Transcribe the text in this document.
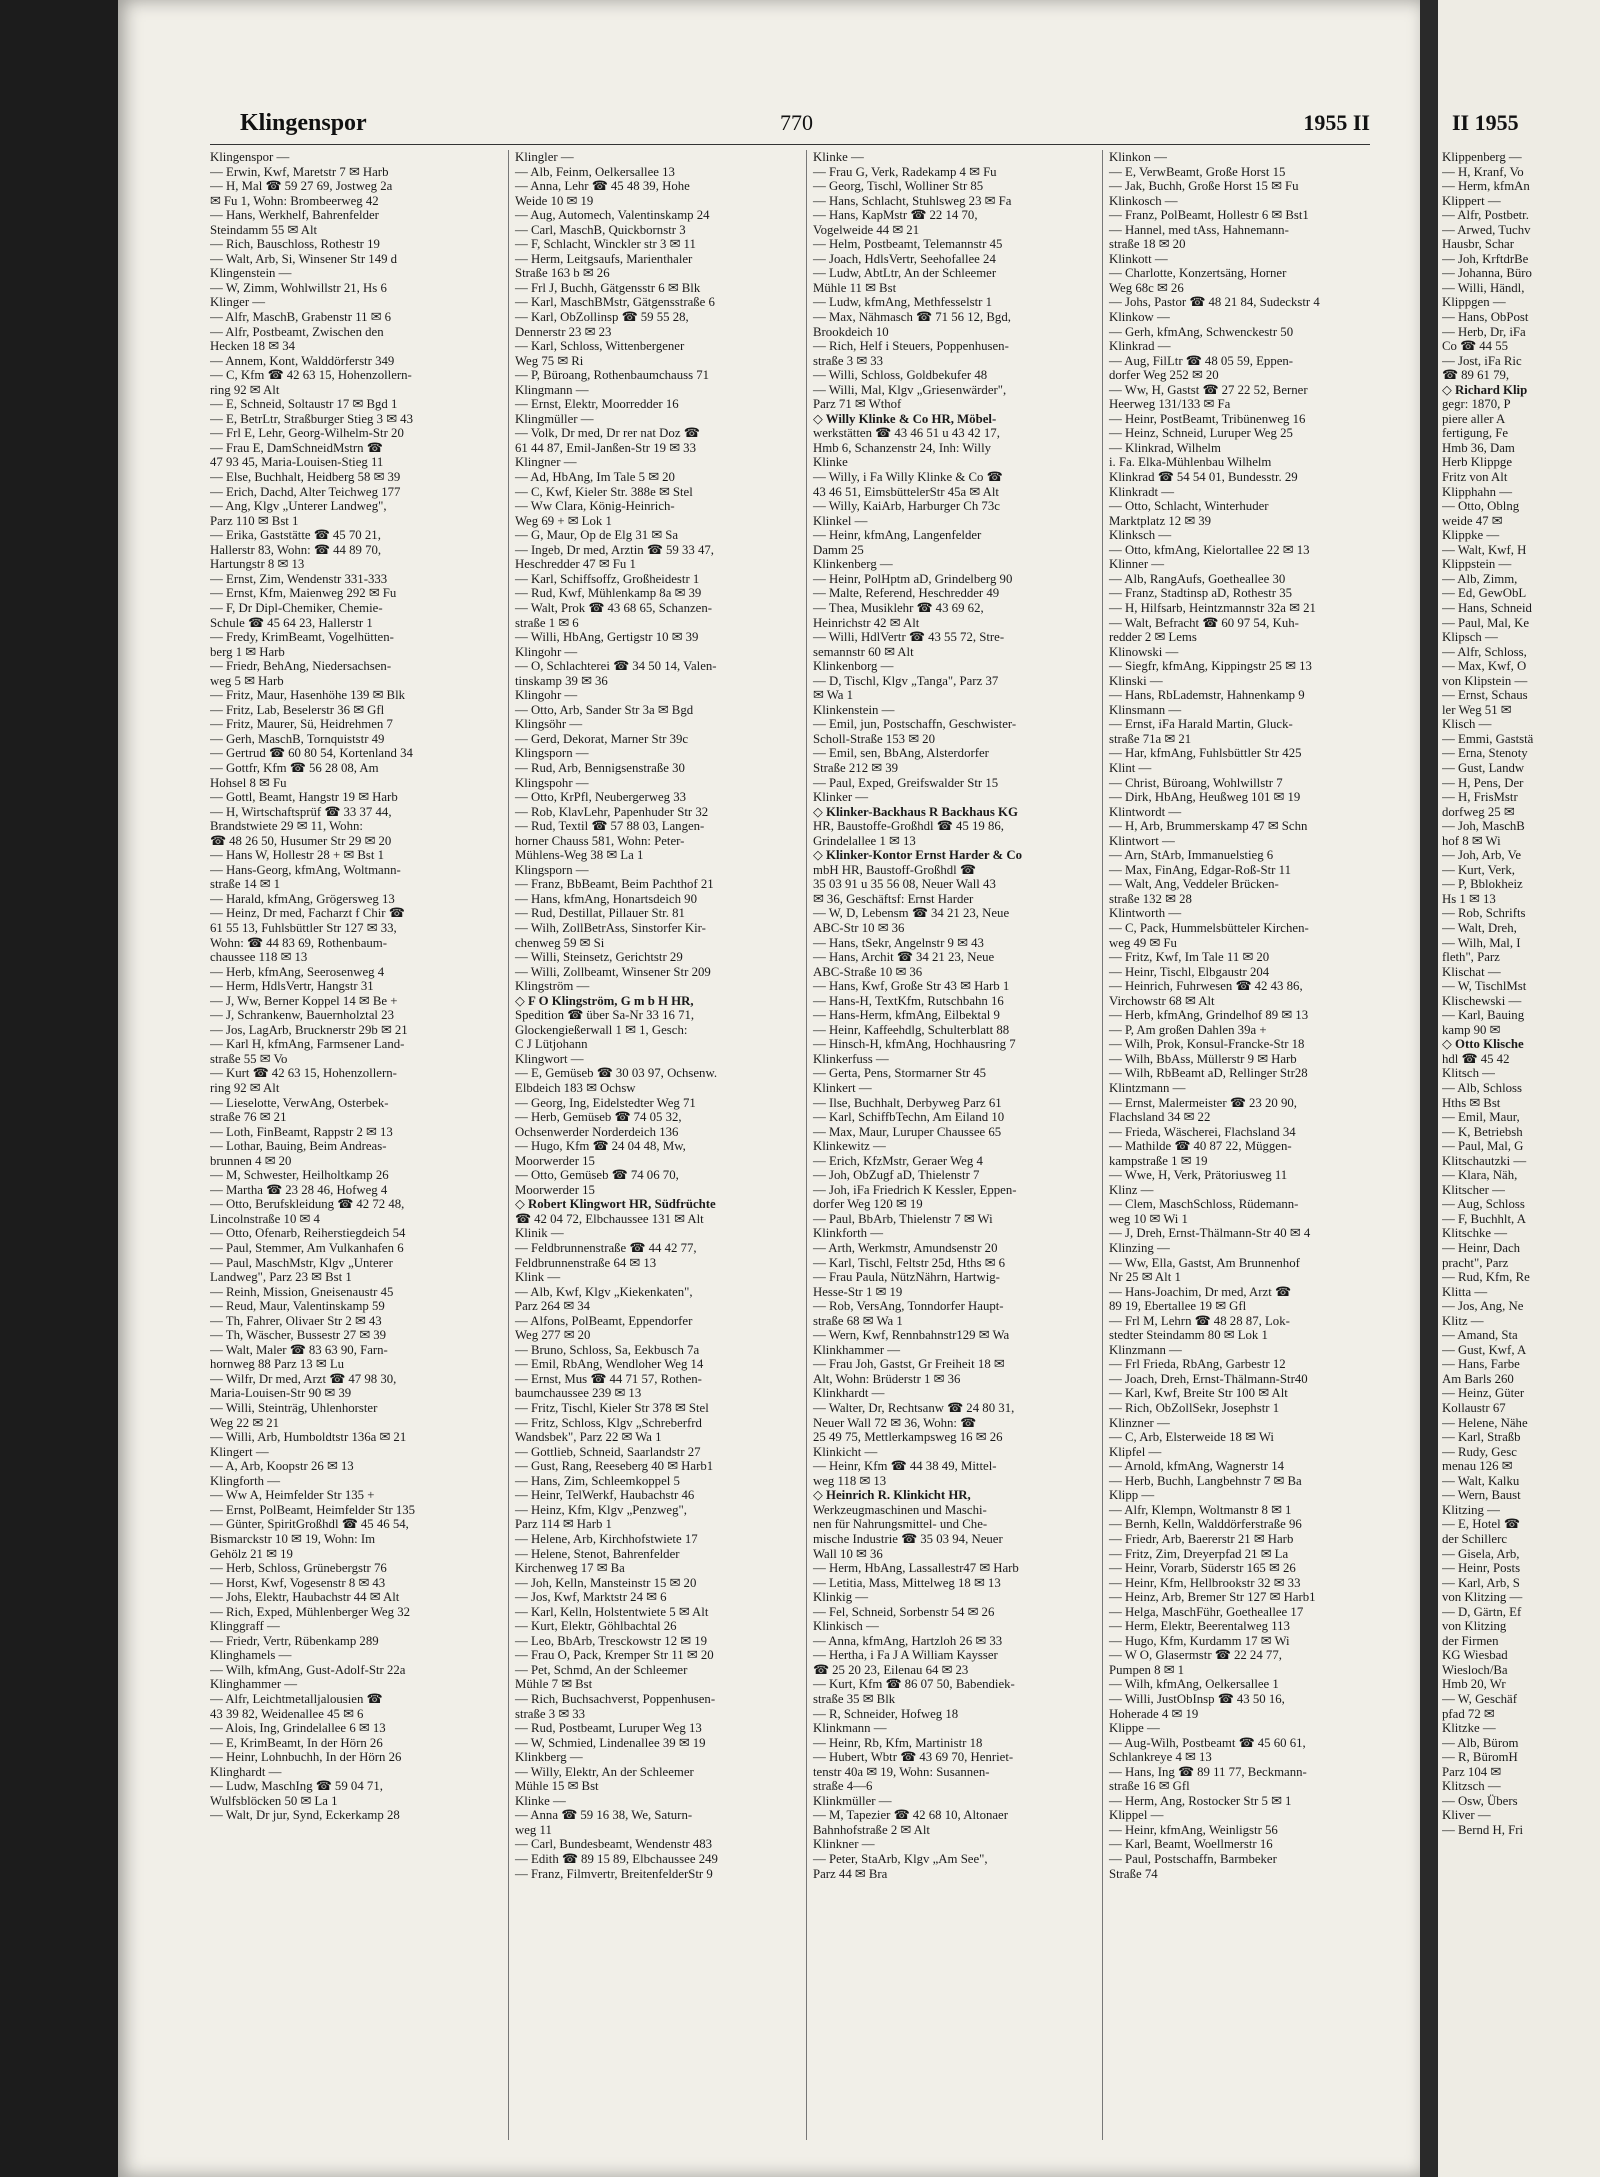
Klingenspor	770	1955 II	II 1955
Klingenspor —
— Erwin, Kwf, Maretstr 7 ✉ Harb
— H, Mal ☎ 59 27 69, Jostweg 2a
✉ Fu 1, Wohn: Brombeerweg 42
— Hans, Werkhelf, Bahrenfelder
Steindamm 55 ✉ Alt
— Rich, Bauschloss, Rothestr 19
— Walt, Arb, Si, Winsener Str 149 d
Klingenstein —
— W, Zimm, Wohlwillstr 21, Hs 6
Klinger —
— Alfr, MaschB, Grabenstr 11 ✉ 6
— Alfr, Postbeamt, Zwischen den
Hecken 18 ✉ 34
— Annem, Kont, Walddörferstr 349
— C, Kfm ☎ 42 63 15, Hohenzollern-
ring 92 ✉ Alt
— E, Schneid, Soltaustr 17 ✉ Bgd 1
— E, BetrLtr, Straßburger Stieg 3 ✉ 43
— Frl E, Lehr, Georg-Wilhelm-Str 20
— Frau E, DamSchneidMstrn ☎
47 93 45, Maria-Louisen-Stieg 11
— Else, Buchhalt, Heidberg 58 ✉ 39
— Erich, Dachd, Alter Teichweg 177
— Ang, Klgv „Unterer Landweg",
Parz 110 ✉ Bst 1
— Erika, Gaststätte ☎ 45 70 21,
Hallerstr 83, Wohn: ☎ 44 89 70,
Hartungstr 8 ✉ 13
— Ernst, Zim, Wendenstr 331-333
— Ernst, Kfm, Maienweg 292 ✉ Fu
— F, Dr Dipl-Chemiker, Chemie-
Schule ☎ 45 64 23, Hallerstr 1
— Fredy, KrimBeamt, Vogelhütten-
berg 1 ✉ Harb
— Friedr, BehAng, Niedersachsen-
weg 5 ✉ Harb
— Fritz, Maur, Hasenhöhe 139 ✉ Blk
— Fritz, Lab, Beselerstr 36 ✉ Gfl
— Fritz, Maurer, Sü, Heidrehmen 7
— Gerh, MaschB, Tornquiststr 49
— Gertrud ☎ 60 80 54, Kortenland 34
— Gottfr, Kfm ☎ 56 28 08, Am
Hohsel 8 ✉ Fu
— Gottl, Beamt, Hangstr 19 ✉ Harb
— H, Wirtschaftsprüf ☎ 33 37 44,
Brandstwiete 29 ✉ 11, Wohn:
☎ 48 26 50, Husumer Str 29 ✉ 20
— Hans W, Hollestr 28 + ✉ Bst 1
— Hans-Georg, kfmAng, Woltmann-
straße 14 ✉ 1
— Harald, kfmAng, Grögersweg 13
— Heinz, Dr med, Facharzt f Chir ☎
61 55 13, Fuhlsbüttler Str 127 ✉ 33,
Wohn: ☎ 44 83 69, Rothenbaum-
chaussee 118 ✉ 13
— Herb, kfmAng, Seerosenweg 4
— Herm, HdlsVertr, Hangstr 31
— J, Ww, Berner Koppel 14 ✉ Be +
— J, Schrankenw, Bauernholztal 23
— Jos, LagArb, Brucknerstr 29b ✉ 21
— Karl H, kfmAng, Farmsener Land-
straße 55 ✉ Vo
— Kurt ☎ 42 63 15, Hohenzollern-
ring 92 ✉ Alt
— Lieselotte, VerwAng, Osterbek-
straße 76 ✉ 21
— Loth, FinBeamt, Rappstr 2 ✉ 13
— Lothar, Bauing, Beim Andreas-
brunnen 4 ✉ 20
— M, Schwester, Heilholtkamp 26
— Martha ☎ 23 28 46, Hofweg 4
— Otto, Berufskleidung ☎ 42 72 48,
Lincolnstraße 10 ✉ 4
— Otto, Ofenarb, Reiherstiegdeich 54
— Paul, Stemmer, Am Vulkanhafen 6
— Paul, MaschMstr, Klgv „Unterer
Landweg", Parz 23 ✉ Bst 1
— Reinh, Mission, Gneisenaustr 45
— Reud, Maur, Valentinskamp 59
— Th, Fahrer, Olivaer Str 2 ✉ 43
— Th, Wäscher, Bussestr 27 ✉ 39
— Walt, Maler ☎ 83 63 90, Farn-
hornweg 88 Parz 13 ✉ Lu
— Wilfr, Dr med, Arzt ☎ 47 98 30,
Maria-Louisen-Str 90 ✉ 39
— Willi, Steinträg, Uhlenhorster
Weg 22 ✉ 21
— Willi, Arb, Humboldtstr 136a ✉ 21
Klingert —
— A, Arb, Koopstr 26 ✉ 13
Klingforth —
— Ww A, Heimfelder Str 135 +
— Ernst, PolBeamt, Heimfelder Str 135
— Günter, SpiritGroßhdl ☎ 45 46 54,
Bismarckstr 10 ✉ 19, Wohn: Im
Gehölz 21 ✉ 19
— Herb, Schloss, Grünebergstr 76
— Horst, Kwf, Vogesenstr 8 ✉ 43
— Johs, Elektr, Haubachstr 44 ✉ Alt
— Rich, Exped, Mühlenberger Weg 32
Klinggraff —
— Friedr, Vertr, Rübenkamp 289
Klinghamels —
— Wilh, kfmAng, Gust-Adolf-Str 22a
Klinghammer —
— Alfr, Leichtmetalljalousien ☎
43 39 82, Weidenallee 45 ✉ 6
— Alois, Ing, Grindelallee 6 ✉ 13
— E, KrimBeamt, In der Hörn 26
— Heinr, Lohnbuchh, In der Hörn 26
Klinghardt —
— Ludw, MaschIng ☎ 59 04 71,
Wulfsblöcken 50 ✉ La 1
— Walt, Dr jur, Synd, Eckerkamp 28
Klingler —
— Alb, Feinm, Oelkersallee 13
— Anna, Lehr ☎ 45 48 39, Hohe
Weide 10 ✉ 19
— Aug, Automech, Valentinskamp 24
— Carl, MaschB, Quickbornstr 3
— F, Schlacht, Winckler str 3 ✉ 11
— Herm, Leitgsaufs, Marienthaler
Straße 163 b ✉ 26
— Frl J, Buchh, Gätgensstr 6 ✉ Blk
— Karl, MaschBMstr, Gätgensstraße 6
— Karl, ObZollinsp ☎ 59 55 28,
Dennerstr 23 ✉ 23
— Karl, Schloss, Wittenbergener
Weg 75 ✉ Ri
— P, Büroang, Rothenbaumchauss 71
Klingmann —
— Ernst, Elektr, Moorredder 16
Klingmüller —
— Volk, Dr med, Dr rer nat Doz ☎
61 44 87, Emil-Janßen-Str 19 ✉ 33
Klingner —
— Ad, HbAng, Im Tale 5 ✉ 20
— C, Kwf, Kieler Str. 388e ✉ Stel
— Ww Clara, König-Heinrich-
Weg 69 + ✉ Lok 1
— G, Maur, Op de Elg 31 ✉ Sa
— Ingeb, Dr med, Arztin ☎ 59 33 47,
Heschredder 47 ✉ Fu 1
— Karl, Schiffsoffz, Großheidestr 1
— Rud, Kwf, Mühlenkamp 8a ✉ 39
— Walt, Prok ☎ 43 68 65, Schanzen-
straße 1 ✉ 6
— Willi, HbAng, Gertigstr 10 ✉ 39
Klingohr —
— O, Schlachterei ☎ 34 50 14, Valen-
tinskamp 39 ✉ 36
Klingohr —
— Otto, Arb, Sander Str 3a ✉ Bgd
Klingsöhr —
— Gerd, Dekorat, Marner Str 39c
Klingsporn —
— Rud, Arb, Bennigsenstraße 30
Klingspohr —
— Otto, KrPfl, Neubergerweg 33
— Rob, KlavLehr, Papenhuder Str 32
— Rud, Textil ☎ 57 88 03, Langen-
horner Chauss 581, Wohn: Peter-
Mühlens-Weg 38 ✉ La 1
Klingsporn —
— Franz, BbBeamt, Beim Pachthof 21
— Hans, kfmAng, Honartsdeich 90
— Rud, Destillat, Pillauer Str. 81
— Wilh, ZollBetrAss, Sinstorfer Kir-
chenweg 59 ✉ Si
— Willi, Steinsetz, Gerichtstr 29
— Willi, Zollbeamt, Winsener Str 209
Klingström —
◇ F O Klingström, G m b H HR,
Spedition ☎ über Sa-Nr 33 16 71,
Glockengießerwall 1 ✉ 1, Gesch:
C J Lütjohann
Klingwort —
— E, Gemüseb ☎ 30 03 97, Ochsenw.
Elbdeich 183 ✉ Ochsw
— Georg, Ing, Eidelstedter Weg 71
— Herb, Gemüseb ☎ 74 05 32,
Ochsenwerder Norderdeich 136
— Hugo, Kfm ☎ 24 04 48, Mw,
Moorwerder 15
— Otto, Gemüseb ☎ 74 06 70,
Moorwerder 15
◇ Robert Klingwort HR, Südfrüchte
☎ 42 04 72, Elbchaussee 131 ✉ Alt
Klinik —
— Feldbrunnenstraße ☎ 44 42 77,
Feldbrunnenstraße 64 ✉ 13
Klink —
— Alb, Kwf, Klgv „Kiekenkaten",
Parz 264 ✉ 34
— Alfons, PolBeamt, Eppendorfer
Weg 277 ✉ 20
— Bruno, Schloss, Sa, Eekbusch 7a
— Emil, RbAng, Wendloher Weg 14
— Ernst, Mus ☎ 44 71 57, Rothen-
baumchaussee 239 ✉ 13
— Fritz, Tischl, Kieler Str 378 ✉ Stel
— Fritz, Schloss, Klgv „Schreberfrd
Wandsbek", Parz 22 ✉ Wa 1
— Gottlieb, Schneid, Saarlandstr 27
— Gust, Rang, Reeseberg 40 ✉ Harb1
— Hans, Zim, Schleemkoppel 5
— Heinr, TelWerkf, Haubachstr 46
— Heinz, Kfm, Klgv „Penzweg",
Parz 114 ✉ Harb 1
— Helene, Arb, Kirchhofstwiete 17
— Helene, Stenot, Bahrenfelder
Kirchenweg 17 ✉ Ba
— Joh, Kelln, Mansteinstr 15 ✉ 20
— Jos, Kwf, Marktstr 24 ✉ 6
— Karl, Kelln, Holstentwiete 5 ✉ Alt
— Kurt, Elektr, Göhlbachtal 26
— Leo, BbArb, Tresckowstr 12 ✉ 19
— Frau O, Pack, Kremper Str 11 ✉ 20
— Pet, Schmd, An der Schleemer
Mühle 7 ✉ Bst
— Rich, Buchsachverst, Poppenhusen-
straße 3 ✉ 33
— Rud, Postbeamt, Luruper Weg 13
— W, Schmied, Lindenallee 39 ✉ 19
Klinkberg —
— Willy, Elektr, An der Schleemer
Mühle 15 ✉ Bst
Klinke —
— Anna ☎ 59 16 38, We, Saturn-
weg 11
— Carl, Bundesbeamt, Wendenstr 483
— Edith ☎ 89 15 89, Elbchaussee 249
— Franz, Filmvertr, BreitenfelderStr 9
Klinke —
— Frau G, Verk, Radekamp 4 ✉ Fu
— Georg, Tischl, Wolliner Str 85
— Hans, Schlacht, Stuhlsweg 23 ✉ Fa
— Hans, KapMstr ☎ 22 14 70,
Vogelweide 44 ✉ 21
— Helm, Postbeamt, Telemannstr 45
— Joach, HdlsVertr, Seehofallee 24
— Ludw, AbtLtr, An der Schleemer
Mühle 11 ✉ Bst
— Ludw, kfmAng, Methfesselstr 1
— Max, Nähmasch ☎ 71 56 12, Bgd,
Brookdeich 10
— Rich, Helf i Steuers, Poppenhusen-
straße 3 ✉ 33
— Willi, Schloss, Goldbekufer 48
— Willi, Mal, Klgv „Griesenwärder",
Parz 71 ✉ Wthof
◇ Willy Klinke & Co HR, Möbel-
werkstätten ☎ 43 46 51 u 43 42 17,
Hmb 6, Schanzenstr 24, Inh: Willy
Klinke
— Willy, i Fa Willy Klinke & Co ☎
43 46 51, EimsbüttelerStr 45a ✉ Alt
— Willy, KaiArb, Harburger Ch 73c
Klinkel —
— Heinr, kfmAng, Langenfelder
Damm 25
Klinkenberg —
— Heinr, PolHptm aD, Grindelberg 90
— Malte, Referend, Heschredder 49
— Thea, Musiklehr ☎ 43 69 62,
Heinrichstr 42 ✉ Alt
— Willi, HdlVertr ☎ 43 55 72, Stre-
semannstr 60 ✉ Alt
Klinkenborg —
— D, Tischl, Klgv „Tanga", Parz 37
✉ Wa 1
Klinkenstein —
— Emil, jun, Postschaffn, Geschwister-
Scholl-Straße 153 ✉ 20
— Emil, sen, BbAng, Alsterdorfer
Straße 212 ✉ 39
— Paul, Exped, Greifswalder Str 15
Klinker —
◇ Klinker-Backhaus R Backhaus KG
HR, Baustoffe-Großhdl ☎ 45 19 86,
Grindelallee 1 ✉ 13
◇ Klinker-Kontor Ernst Harder & Co
mbH HR, Baustoff-Großhdl ☎
35 03 91 u 35 56 08, Neuer Wall 43
✉ 36, Geschäftsf: Ernst Harder
— W, D, Lebensm ☎ 34 21 23, Neue
ABC-Str 10 ✉ 36
— Hans, tSekr, Angelnstr 9 ✉ 43
— Hans, Archit ☎ 34 21 23, Neue
ABC-Straße 10 ✉ 36
— Hans, Kwf, Große Str 43 ✉ Harb 1
— Hans-H, TextKfm, Rutschbahn 16
— Hans-Herm, kfmAng, Eilbektal 9
— Heinr, Kaffeehdlg, Schulterblatt 88
— Hinsch-H, kfmAng, Hochhausring 7
Klinkerfuss —
— Gerta, Pens, Stormarner Str 45
Klinkert —
— Ilse, Buchhalt, Derbyweg Parz 61
— Karl, SchiffbTechn, Am Eiland 10
— Max, Maur, Luruper Chaussee 65
Klinkewitz —
— Erich, KfzMstr, Geraer Weg 4
— Joh, ObZugf aD, Thielenstr 7
— Joh, iFa Friedrich K Kessler, Eppen-
dorfer Weg 120 ✉ 19
— Paul, BbArb, Thielenstr 7 ✉ Wi
Klinkforth —
— Arth, Werkmstr, Amundsenstr 20
— Karl, Tischl, Feltstr 25d, Hths ✉ 6
— Frau Paula, NützNährn, Hartwig-
Hesse-Str 1 ✉ 19
— Rob, VersAng, Tonndorfer Haupt-
straße 68 ✉ Wa 1
— Wern, Kwf, Rennbahnstr129 ✉ Wa
Klinkhammer —
— Frau Joh, Gastst, Gr Freiheit 18 ✉
Alt, Wohn: Brüderstr 1 ✉ 36
Klinkhardt —
— Walter, Dr, Rechtsanw ☎ 24 80 31,
Neuer Wall 72 ✉ 36, Wohn: ☎
25 49 75, Mettlerkampsweg 16 ✉ 26
Klinkicht —
— Heinr, Kfm ☎ 44 38 49, Mittel-
weg 118 ✉ 13
◇ Heinrich R. Klinkicht HR,
Werkzeugmaschinen und Maschi-
nen für Nahrungsmittel- und Che-
mische Industrie ☎ 35 03 94, Neuer
Wall 10 ✉ 36
— Herm, HbAng, Lassallestr47 ✉ Harb
— Letitia, Mass, Mittelweg 18 ✉ 13
Klinkig —
— Fel, Schneid, Sorbenstr 54 ✉ 26
Klinkisch —
— Anna, kfmAng, Hartzloh 26 ✉ 33
— Hertha, i Fa J A William Kaysser
☎ 25 20 23, Eilenau 64 ✉ 23
— Kurt, Kfm ☎ 86 07 50, Babendiek-
straße 35 ✉ Blk
— R, Schneider, Hofweg 18
Klinkmann —
— Heinr, Rb, Kfm, Martinistr 18
— Hubert, Wbtr ☎ 43 69 70, Henriet-
tenstr 40a ✉ 19, Wohn: Susannen-
straße 4—6
Klinkmüller —
— M, Tapezier ☎ 42 68 10, Altonaer
Bahnhofstraße 2 ✉ Alt
Klinkner —
— Peter, StaArb, Klgv „Am See",
Parz 44 ✉ Bra
Klinkon —
— E, VerwBeamt, Große Horst 15
— Jak, Buchh, Große Horst 15 ✉ Fu
Klinkosch —
— Franz, PolBeamt, Hollestr 6 ✉ Bst1
— Hannel, med tAss, Hahnemann-
straße 18 ✉ 20
Klinkott —
— Charlotte, Konzertsäng, Horner
Weg 68c ✉ 26
— Johs, Pastor ☎ 48 21 84, Sudeckstr 4
Klinkow —
— Gerh, kfmAng, Schwenckestr 50
Klinkrad —
— Aug, FilLtr ☎ 48 05 59, Eppen-
dorfer Weg 252 ✉ 20
— Ww, H, Gastst ☎ 27 22 52, Berner
Heerweg 131/133 ✉ Fa
— Heinr, PostBeamt, Tribünenweg 16
— Heinz, Schneid, Luruper Weg 25
— Klinkrad, Wilhelm
i. Fa. Elka-Mühlenbau Wilhelm
Klinkrad ☎ 54 54 01, Bundesstr. 29
Klinkradt —
— Otto, Schlacht, Winterhuder
Marktplatz 12 ✉ 39
Klinksch —
— Otto, kfmAng, Kielortallee 22 ✉ 13
Klinner —
— Alb, RangAufs, Goetheallee 30
— Franz, Stadtinsp aD, Rothestr 35
— H, Hilfsarb, Heintzmannstr 32a ✉ 21
— Walt, Befracht ☎ 60 97 54, Kuh-
redder 2 ✉ Lems
Klinowski —
— Siegfr, kfmAng, Kippingstr 25 ✉ 13
Klinski —
— Hans, RbLademstr, Hahnenkamp 9
Klinsmann —
— Ernst, iFa Harald Martin, Gluck-
straße 71a ✉ 21
— Har, kfmAng, Fuhlsbüttler Str 425
Klint —
— Christ, Büroang, Wohlwillstr 7
— Dirk, HbAng, Heußweg 101 ✉ 19
Klintwordt —
— H, Arb, Brummerskamp 47 ✉ Schn
Klintwort —
— Arn, StArb, Immanuelstieg 6
— Max, FinAng, Edgar-Roß-Str 11
— Walt, Ang, Veddeler Brücken-
straße 132 ✉ 28
Klintworth —
— C, Pack, Hummelsbütteler Kirchen-
weg 49 ✉ Fu
— Fritz, Kwf, Im Tale 11 ✉ 20
— Heinr, Tischl, Elbgaustr 204
— Heinrich, Fuhrwesen ☎ 42 43 86,
Virchowstr 68 ✉ Alt
— Herb, kfmAng, Grindelhof 89 ✉ 13
— P, Am großen Dahlen 39a +
— Wilh, Prok, Konsul-Francke-Str 18
— Wilh, BbAss, Müllerstr 9 ✉ Harb
— Wilh, RbBeamt aD, Rellinger Str28
Klintzmann —
— Ernst, Malermeister ☎ 23 20 90,
Flachsland 34 ✉ 22
— Frieda, Wäscherei, Flachsland 34
— Mathilde ☎ 40 87 22, Müggen-
kampstraße 1 ✉ 19
— Wwe, H, Verk, Prätoriusweg 11
Klinz —
— Clem, MaschSchloss, Rüdemann-
weg 10 ✉ Wi 1
— J, Dreh, Ernst-Thälmann-Str 40 ✉ 4
Klinzing —
— Ww, Ella, Gastst, Am Brunnenhof
Nr 25 ✉ Alt 1
— Hans-Joachim, Dr med, Arzt ☎
89 19, Ebertallee 19 ✉ Gfl
— Frl M, Lehrn ☎ 48 28 87, Lok-
stedter Steindamm 80 ✉ Lok 1
Klinzmann —
— Frl Frieda, RbAng, Garbestr 12
— Joach, Dreh, Ernst-Thälmann-Str40
— Karl, Kwf, Breite Str 100 ✉ Alt
— Rich, ObZollSekr, Josephstr 1
Klinzner —
— C, Arb, Elsterweide 18 ✉ Wi
Klipfel —
— Arnold, kfmAng, Wagnerstr 14
— Herb, Buchh, Langbehnstr 7 ✉ Ba
Klipp —
— Alfr, Klempn, Woltmanstr 8 ✉ 1
— Bernh, Kelln, Walddörferstraße 96
— Friedr, Arb, Baererstr 21 ✉ Harb
— Fritz, Zim, Dreyerpfad 21 ✉ La
— Heinr, Vorarb, Süderstr 165 ✉ 26
— Heinr, Kfm, Hellbrookstr 32 ✉ 33
— Heinz, Arb, Bremer Str 127 ✉ Harb1
— Helga, MaschFühr, Goetheallee 17
— Herm, Elektr, Beerentalweg 113
— Hugo, Kfm, Kurdamm 17 ✉ Wi
— W O, Glasermstr ☎ 22 24 77,
Pumpen 8 ✉ 1
— Wilh, kfmAng, Oelkersallee 1
— Willi, JustObInsp ☎ 43 50 16,
Hoherade 4 ✉ 19
Klippe —
— Aug-Wilh, Postbeamt ☎ 45 60 61,
Schlankreye 4 ✉ 13
— Hans, Ing ☎ 89 11 77, Beckmann-
straße 16 ✉ Gfl
— Herm, Ang, Rostocker Str 5 ✉ 1
Klippel —
— Heinr, kfmAng, Weinligstr 56
— Karl, Beamt, Woellmerstr 16
— Paul, Postschaffn, Barmbeker
Straße 74
Klippenberg —
— H, Kranf, Vo
— Herm, kfmAn
Klippert —
— Alfr, Postbetr.
— Arwed, Tuchv
Hausbr, Schar
— Joh, KrftdrBe
— Johanna, Büro
— Willi, Händl,
Klippgen —
— Hans, ObPost
— Herb, Dr, iFa
Co ☎ 44 55
— Jost, iFa Ric
☎ 89 61 79,
◇ Richard Klip
gegr: 1870, P
piere aller A
fertigung, Fe
Hmb 36, Dam
Herb Klippge
Fritz von Alt
Klipphahn —
— Otto, Oblng
weide 47 ✉
Klippke —
— Walt, Kwf, H
Klippstein —
— Alb, Zimm,
— Ed, GewObL
— Hans, Schneid
— Paul, Mal, Ke
Klipsch —
— Alfr, Schloss,
— Max, Kwf, O
von Klipstein —
— Ernst, Schaus
ler Weg 51 ✉
Klisch —
— Emmi, Gaststä
— Erna, Stenoty
— Gust, Landw
— H, Pens, Der
— H, FrisMstr
dorfweg 25 ✉
— Joh, MaschB
hof 8 ✉ Wi
— Joh, Arb, Ve
— Kurt, Verk,
— P, Bblokheiz
Hs 1 ✉ 13
— Rob, Schrifts
— Walt, Dreh,
— Wilh, Mal, I
fleth", Parz
Klischat —
— W, TischlMst
Klischewski —
— Karl, Bauing
kamp 90 ✉
◇ Otto Klische
hdl ☎ 45 42
Klitsch —
— Alb, Schloss
Hths ✉ Bst
— Emil, Maur,
— K, Betriebsh
— Paul, Mal, G
Klitschautzki —
— Klara, Näh,
Klitscher —
— Aug, Schloss
— F, Buchhlt, A
Klitschke —
— Heinr, Dach
pracht", Parz
— Rud, Kfm, Re
Klitta —
— Jos, Ang, Ne
Klitz —
— Amand, Sta
— Gust, Kwf, A
— Hans, Farbe
Am Barls 260
— Heinz, Güter
Kollaustr 67
— Helene, Nähe
— Karl, Straßb
— Rudy, Gesc
menau 126 ✉
— Walt, Kalku
— Wern, Baust
Klitzing —
— E, Hotel ☎
der Schillerc
— Gisela, Arb,
— Heinr, Posts
— Karl, Arb, S
von Klitzing —
— D, Gärtn, Ef
von Klitzing
der Firmen
KG Wiesbad
Wiesloch/Ba
Hmb 20, Wr
— W, Geschäf
pfad 72 ✉
Klitzke —
— Alb, Bürom
— R, BüromH
Parz 104 ✉
Klitzsch —
— Osw, Übers
Kliver —
— Bernd H, Fri
